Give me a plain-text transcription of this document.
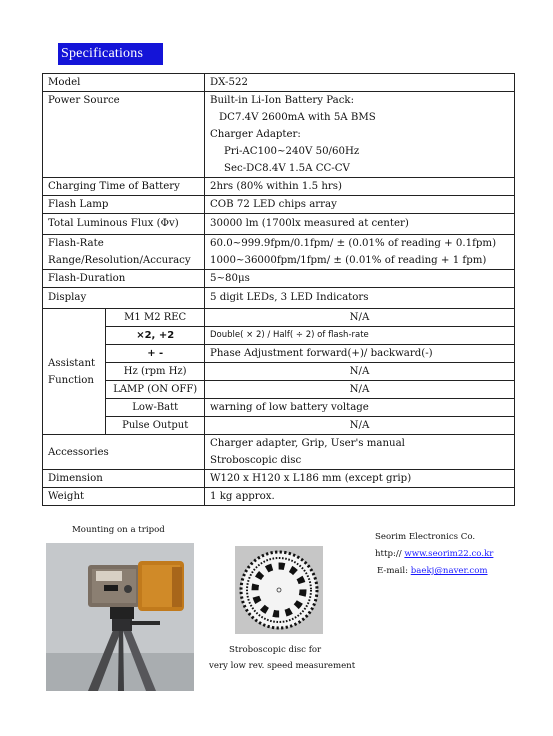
Specifications
Model		DX-522
Power Source		Built-in Li-Ion Battery Pack:
DC7.4V 2600mA with 5A BMS
Charger Adapter:
Pri-AC100~240V 50/60Hz
Sec-DC8.4V 1.5A CC-CV

Charging Time of Battery		2hrs (80% within 1.5 hrs)
Flash Lamp		COB 72 LED chips array
Total Luminous Flux (Φv)		30000 lm (1700lx measured at center)

Flash-Rate
Range/Resolution/Accuracy		60.0~999.9fpm/0.1fpm/ ± (0.01% of reading + 0.1fpm)
1000~36000fpm/1fpm/ ± (0.01% of reading + 1 fpm)

Flash-Duration		5~80μs
Display		5 digit LEDs, 3 LED Indicators

Assistant
Function	M1 M2 REC	N/A
	×2, +2	Double( × 2) / Half( ÷ 2) of flash-rate
	+ -	Phase Adjustment forward(+)/ backward(-)
	Hz (rpm Hz)	N/A
	LAMP (ON OFF)	N/A
	Low-Batt	warning of low battery voltage
	Pulse Output	N/A
Accessories		Charger adapter, Grip, User's manual
Stroboscopic disc

Dimension		W120 x H120 x L186 mm (except grip)
Weight		1 kg approx.
Mounting on a tripod
Stroboscopic disc for
very low rev. speed measurement
Seorim Electronics Co.
http:// www.seorim22.co.kr
E-mail: baekj@naver.com
